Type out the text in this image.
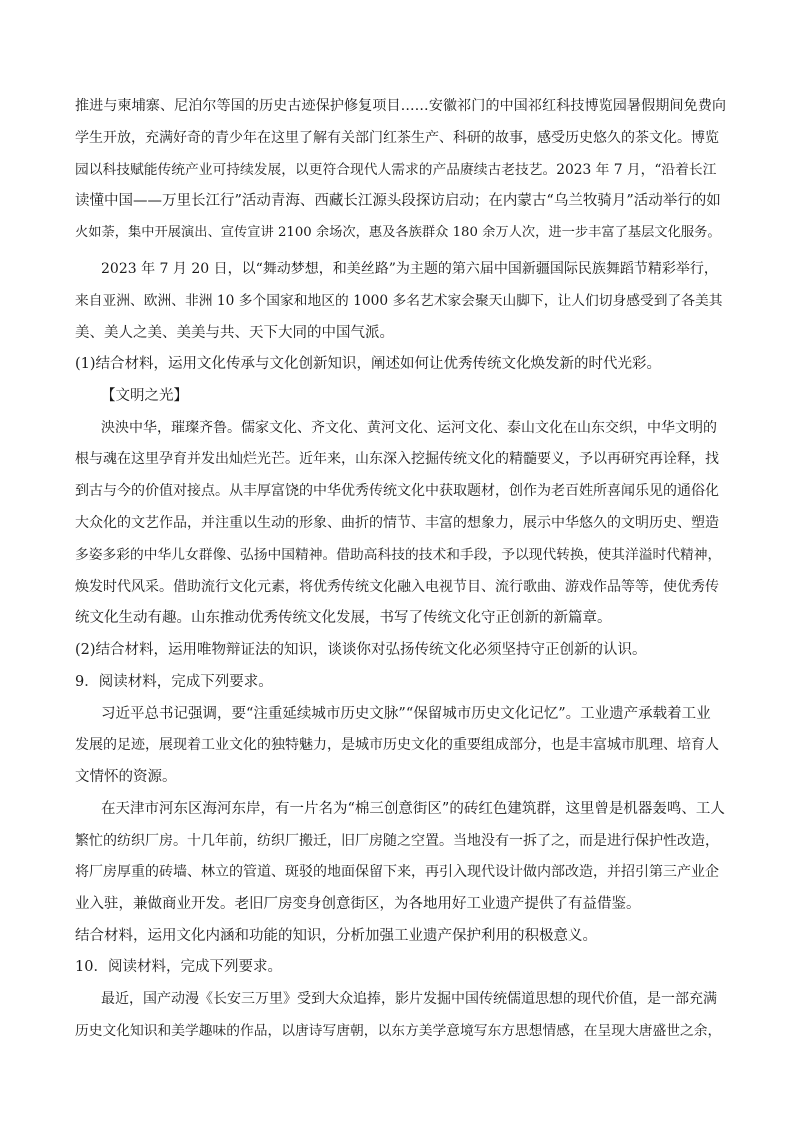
推进与柬埔寨、尼泊尔等国的历史古迹保护修复项目……安徽祁门的中国祁红科技博览园暑假期间免费向
学生开放，充满好奇的青少年在这里了解有关部门红茶生产、科研的故事，感受历史悠久的茶文化。博览
园以科技赋能传统产业可持续发展，以更符合现代人需求的产品赓续古老技艺。2023 年 7 月，“沿着长江
读懂中国——万里长江行”活动青海、西藏长江源头段探访启动；在内蒙古“乌兰牧骑月”活动举行的如
火如荼，集中开展演出、宣传宣讲 2100 余场次，惠及各族群众 180 余万人次，进一步丰富了基层文化服务。
2023 年 7 月 20 日，以“舞动梦想，和美丝路”为主题的第六届中国新疆国际民族舞蹈节精彩举行，
来自亚洲、欧洲、非洲 10 多个国家和地区的 1000 多名艺术家会聚天山脚下，让人们切身感受到了各美其
美、美人之美、美美与共、天下大同的中国气派。
(1)结合材料，运用文化传承与文化创新知识，阐述如何让优秀传统文化焕发新的时代光彩。
【文明之光】
泱泱中华，璀璨齐鲁。儒家文化、齐文化、黄河文化、运河文化、泰山文化在山东交织，中华文明的
根与魂在这里孕育并发出灿烂光芒。近年来，山东深入挖掘传统文化的精髓要义，予以再研究再诠释，找
到古与今的价值对接点。从丰厚富饶的中华优秀传统文化中获取题材，创作为老百姓所喜闻乐见的通俗化
大众化的文艺作品，并注重以生动的形象、曲折的情节、丰富的想象力，展示中华悠久的文明历史、塑造
多姿多彩的中华儿女群像、弘扬中国精神。借助高科技的技术和手段，予以现代转换，使其洋溢时代精神，
焕发时代风采。借助流行文化元素，将优秀传统文化融入电视节目、流行歌曲、游戏作品等等，使优秀传
统文化生动有趣。山东推动优秀传统文化发展，书写了传统文化守正创新的新篇章。
(2)结合材料，运用唯物辩证法的知识，谈谈你对弘扬传统文化必须坚持守正创新的认识。
9．阅读材料，完成下列要求。
习近平总书记强调，要“注重延续城市历史文脉”“保留城市历史文化记忆”。工业遗产承载着工业
发展的足迹，展现着工业文化的独特魅力，是城市历史文化的重要组成部分，也是丰富城市肌理、培育人
文情怀的资源。
在天津市河东区海河东岸，有一片名为“棉三创意街区”的砖红色建筑群，这里曾是机器轰鸣、工人
繁忙的纺织厂房。十几年前，纺织厂搬迁，旧厂房随之空置。当地没有一拆了之，而是进行保护性改造，
将厂房厚重的砖墙、林立的管道、斑驳的地面保留下来，再引入现代设计做内部改造，并招引第三产业企
业入驻，兼做商业开发。老旧厂房变身创意街区，为各地用好工业遗产提供了有益借鉴。
结合材料，运用文化内涵和功能的知识，分析加强工业遗产保护利用的积极意义。
10．阅读材料，完成下列要求。
最近，国产动漫《长安三万里》受到大众追捧，影片发掘中国传统儒道思想的现代价值，是一部充满
历史文化知识和美学趣味的作品，以唐诗写唐朝，以东方美学意境写东方思想情感，在呈现大唐盛世之余，
